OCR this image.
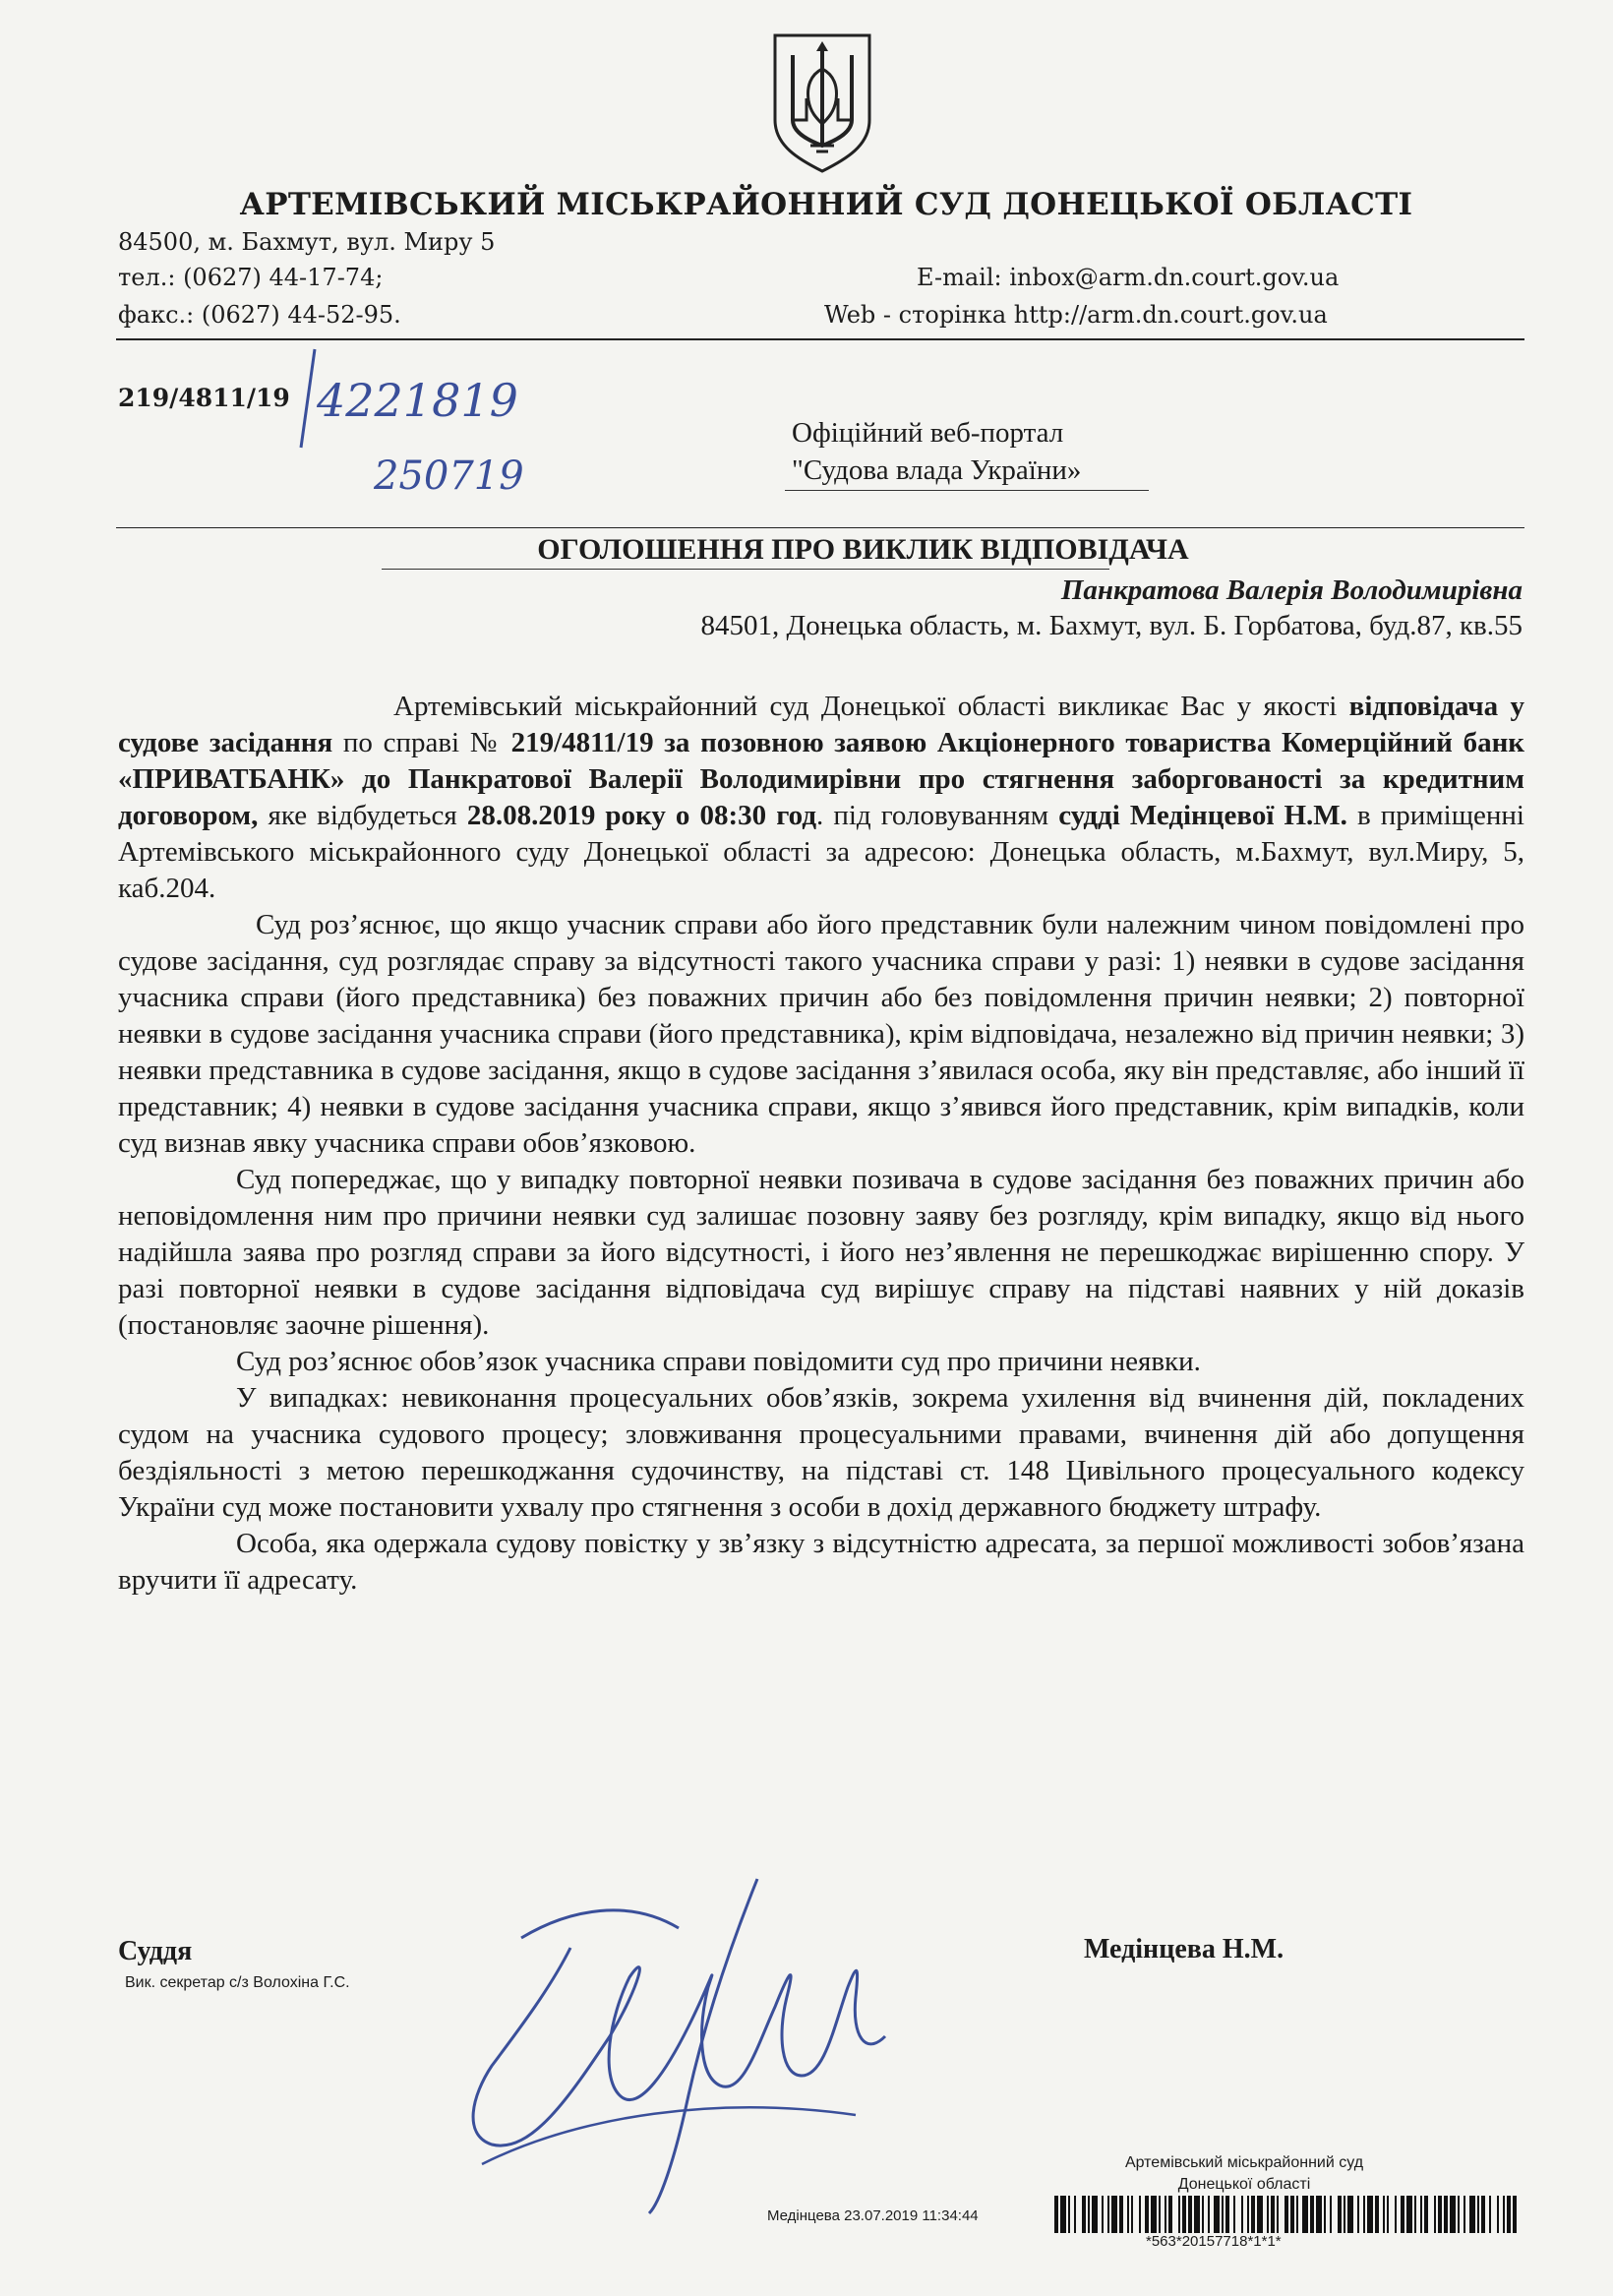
АРТЕМІВСЬКИЙ МІСЬКРАЙОННИЙ СУД ДОНЕЦЬКОЇ ОБЛАСТІ
84500, м. Бахмут, вул. Миру 5
тел.: (0627) 44-17-74;
факс.: (0627) 44-52-95.
E-mail: inbox@arm.dn.court.gov.ua
Web - сторінка http://arm.dn.court.gov.ua
219/4811/19 4221819
250719
Офіційний веб-портал
"Судова влада України»
ОГОЛОШЕННЯ ПРО ВИКЛИК ВІДПОВІДАЧА
Панкратова Валерія Володимирівна
84501, Донецька область, м. Бахмут, вул. Б. Горбатова, буд.87, кв.55

Артемівський міськрайонний суд Донецької області викликає Вас у якості відповідача у судове засідання по справі № 219/4811/19 за позовною заявою Акціонерного товариства Комерційний банк «ПРИВАТБАНК» до Панкратової Валерії Володимирівни про стягнення заборгованості за кредитним договором, яке відбудеться 28.08.2019 року о 08:30 год. під головуванням судді Медінцевої Н.М. в приміщенні Артемівського міськрайонного суду Донецької області за адресою: Донецька область, м.Бахмут, вул.Миру, 5, каб.204.

Суд роз’яснює, що якщо учасник справи або його представник були належним чином повідомлені про судове засідання, суд розглядає справу за відсутності такого учасника справи у разі: 1) неявки в судове засідання учасника справи (його представника) без поважних причин або без повідомлення причин неявки; 2) повторної неявки в судове засідання учасника справи (його представника), крім відповідача, незалежно від причин неявки; 3) неявки представника в судове засідання, якщо в судове засідання з’явилася особа, яку він представляє, або інший її представник; 4) неявки в судове засідання учасника справи, якщо з’явився його представник, крім випадків, коли суд визнав явку учасника справи обов’язковою.

Суд попереджає, що у випадку повторної неявки позивача в судове засідання без поважних причин або неповідомлення ним про причини неявки суд залишає позовну заяву без розгляду, крім випадку, якщо від нього надійшла заява про розгляд справи за його відсутності, і його нез’явлення не перешкоджає вирішенню спору. У разі повторної неявки в судове засідання відповідача суд вирішує справу на підставі наявних у ній доказів (постановляє заочне рішення).

Суд роз’яснює обов’язок учасника справи повідомити суд про причини неявки.

У випадках: невиконання процесуальних обов’язків, зокрема ухилення від вчинення дій, покладених судом на учасника судового процесу; зловживання процесуальними правами, вчинення дій або допущення бездіяльності з метою перешкоджання судочинству, на підставі ст. 148 Цивільного процесуального кодексу України суд може постановити ухвалу про стягнення з особи в дохід державного бюджету штрафу.

Особа, яка одержала судову повістку у зв’язку з відсутністю адресата, за першої можливості зобов’язана вручити її адресату.

Суддя
Вик. секретар с/з Волохіна Г.С.
Медінцева Н.М.
Артемівський міськрайонний суд
Донецької області
Медінцева 23.07.2019 11:34:44
*563*20157718*1*1*
